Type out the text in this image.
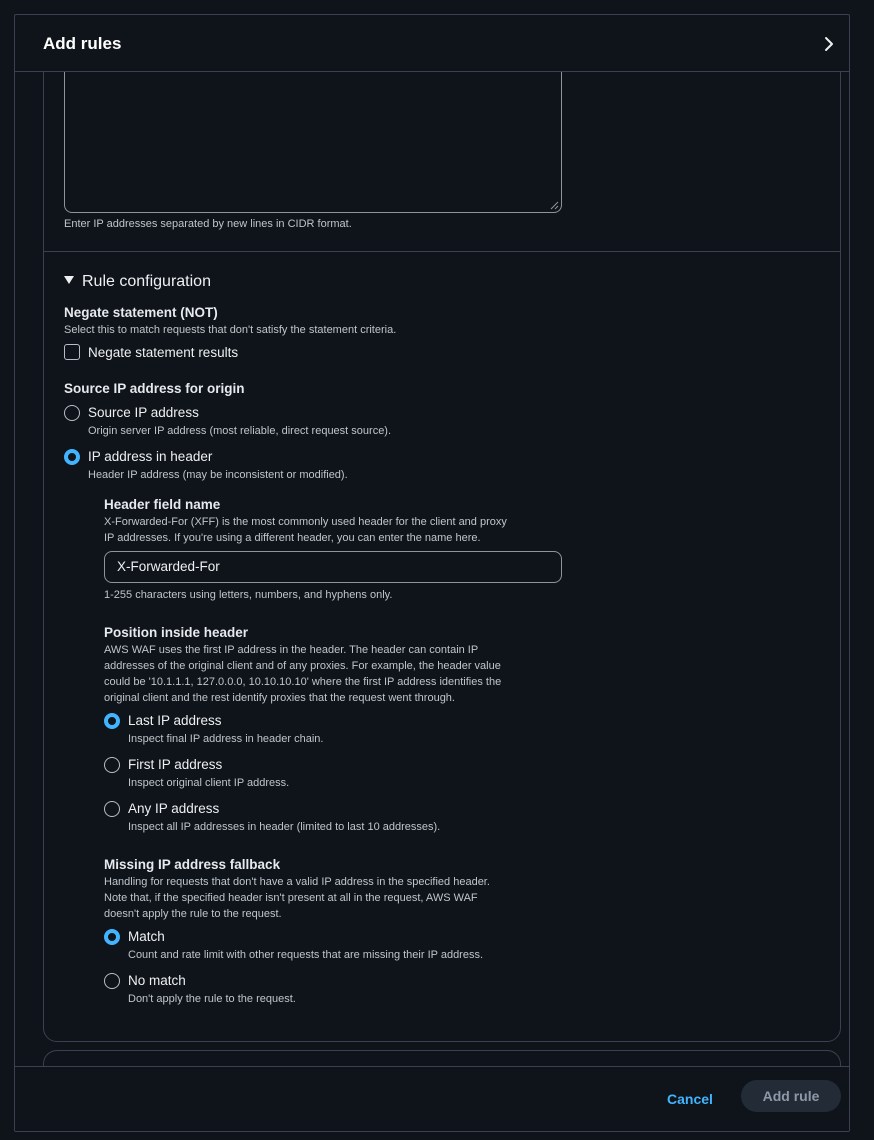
Add rules
Enter IP addresses separated by new lines in CIDR format.
Rule configuration
Negate statement (NOT)
Select this to match requests that don't satisfy the statement criteria.
Negate statement results
Source IP address for origin
Source IP address
Origin server IP address (most reliable, direct request source).
IP address in header
Header IP address (may be inconsistent or modified).
Header field name
X-Forwarded-For (XFF) is the most commonly used header for the client and proxy
IP addresses. If you're using a different header, you can enter the name here.
X-Forwarded-For
1-255 characters using letters, numbers, and hyphens only.
Position inside header
AWS WAF uses the first IP address in the header. The header can contain IP
addresses of the original client and of any proxies. For example, the header value
could be '10.1.1.1, 127.0.0.0, 10.10.10.10' where the first IP address identifies the
original client and the rest identify proxies that the request went through.
Last IP address
Inspect final IP address in header chain.
First IP address
Inspect original client IP address.
Any IP address
Inspect all IP addresses in header (limited to last 10 addresses).
Missing IP address fallback
Handling for requests that don't have a valid IP address in the specified header.
Note that, if the specified header isn't present at all in the request, AWS WAF
doesn't apply the rule to the request.
Match
Count and rate limit with other requests that are missing their IP address.
No match
Don't apply the rule to the request.
Cancel	Add rule
